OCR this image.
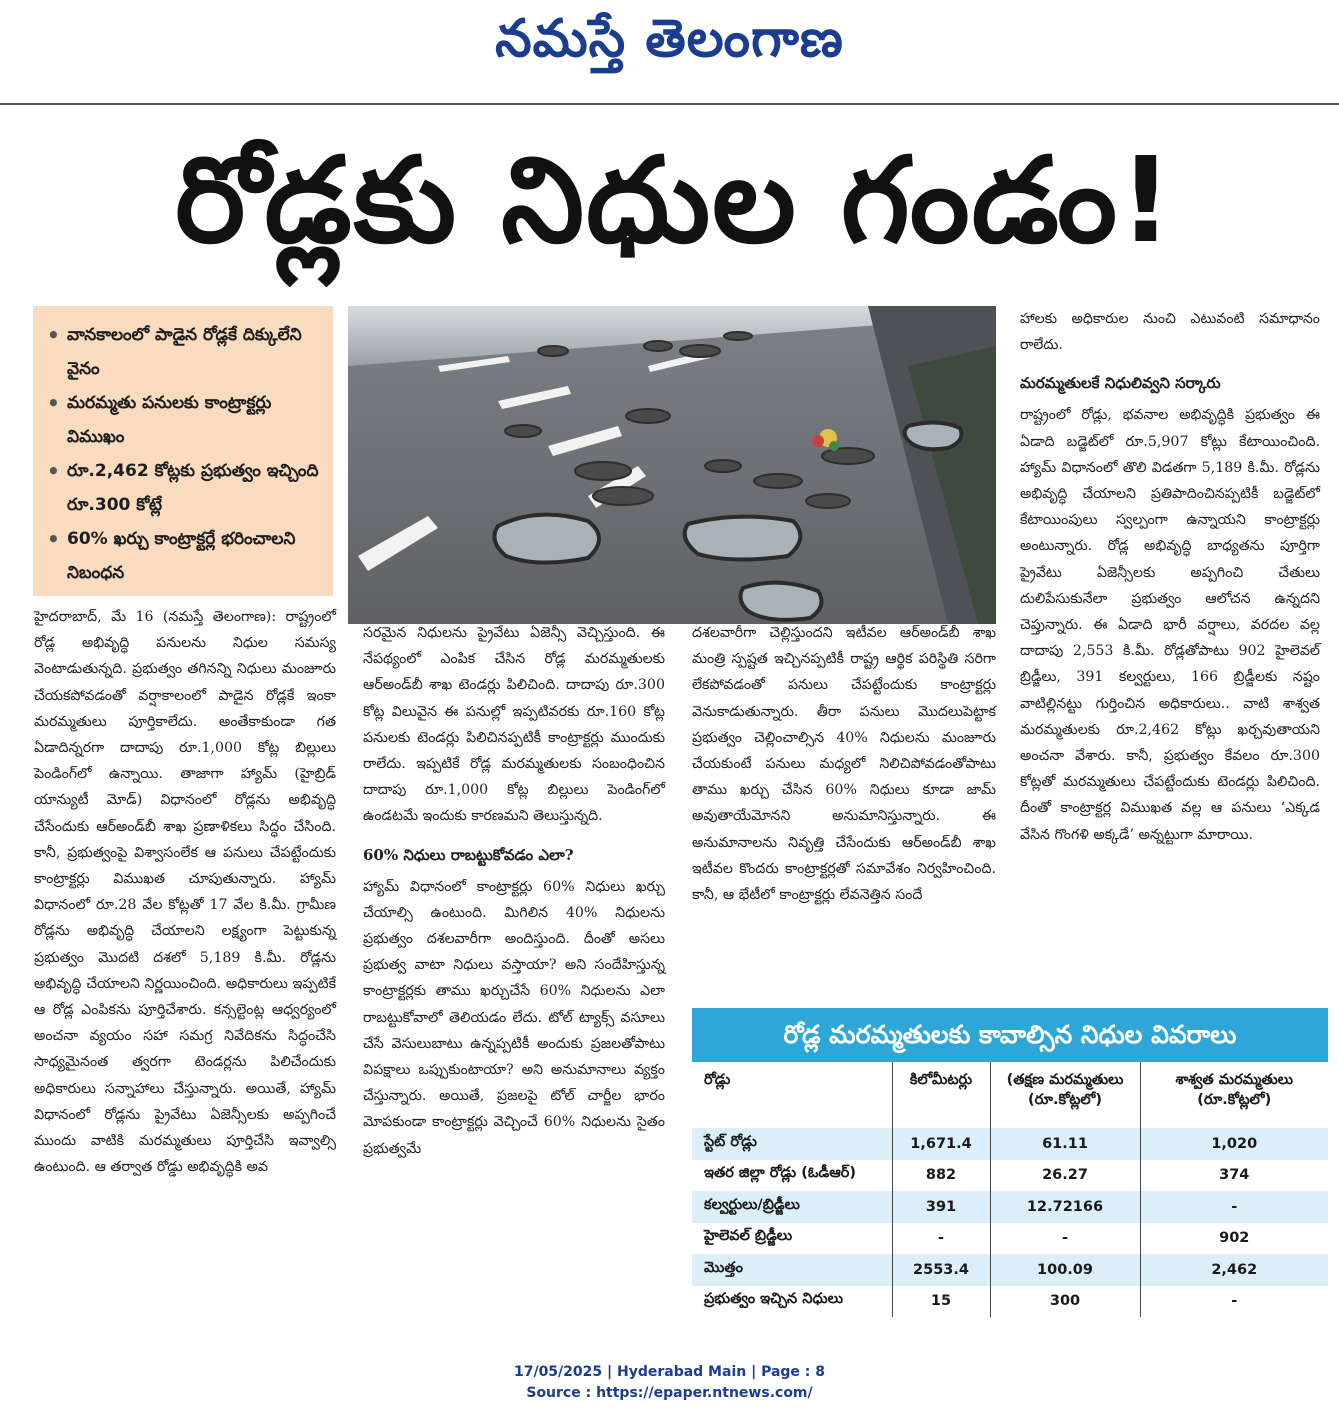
నమస్తే తెలంగాణ
రోడ్లకు నిధుల గండం!
• వానకాలంలో పాడైన రోడ్లకే దిక్కులేని వైనం
• మరమ్మతు పనులకు కాంట్రాక్టర్లు విముఖం
• రూ.2,462 కోట్లకు ప్రభుత్వం ఇచ్చింది రూ.300 కోట్లే
• 60% ఖర్చు కాంట్రాక్టర్లే భరించాలని నిబంధన

హైదరాబాద్, మే 16 (నమస్తే తెలంగాణ): రాష్ట్రంలో రోడ్ల అభివృద్ధి పనులను నిధుల సమస్య వెంటాడుతున్నది. ప్రభుత్వం తగినన్ని నిధులు మంజూరు చేయకపోవడంతో వర్షాకాలంలో పాడైన రోడ్లకే ఇంకా మరమ్మతులు పూర్తికాలేదు. అంతేకాకుండా గత ఏడాదిన్నరగా దాదాపు రూ.1,000 కోట్ల బిల్లులు పెండింగ్‌లో ఉన్నాయి. తాజాగా హ్యామ్ (హైబ్రిడ్ యాన్యుటీ మోడ్) విధానంలో రోడ్లను అభివృద్ధి చేసేందుకు ఆర్‌అండ్‌బీ శాఖ ప్రణాళికలు సిద్ధం చేసింది. కానీ, ప్రభుత్వంపై విశ్వాసంలేక ఆ పనులు చేపట్టేందుకు కాంట్రాక్టర్లు విముఖత చూపుతున్నారు. హ్యామ్ విధానంలో రూ.28 వేల కోట్లతో 17 వేల కి.మీ. గ్రామీణ రోడ్లను అభివృద్ధి చేయాలని లక్ష్యంగా పెట్టుకున్న ప్రభుత్వం మొదటి దశలో 5,189 కి.మీ. రోడ్లను అభివృద్ధి చేయాలని నిర్ణయించింది. అధికారులు ఇప్పటికే ఆ రోడ్ల ఎంపికను పూర్తిచేశారు. కన్సల్టెంట్ల ఆధ్వర్యంలో అంచనా వ్యయం సహా సమగ్ర నివేదికను సిద్ధంచేసి సాధ్యమైనంత త్వరగా టెండర్లను పిలిచేందుకు అధికారులు సన్నాహాలు చేస్తున్నారు. అయితే, హ్యామ్ విధానంలో రోడ్లను ప్రైవేటు ఏజెన్సీలకు అప్పగించే ముందు వాటికి మరమ్మతులు పూర్తిచేసి ఇవ్వాల్సి ఉంటుంది. ఆ తర్వాత రోడ్డు అభివృద్ధికి అవ

సరమైన నిధులను ప్రైవేటు ఏజెన్సీ వెచ్చిస్తుంది. ఈ నేపథ్యంలో ఎంపిక చేసిన రోడ్ల మరమ్మతులకు ఆర్‌అండ్‌బీ శాఖ టెండర్లు పిలిచింది. దాదాపు రూ.300 కోట్ల విలువైన ఈ పనుల్లో ఇప్పటివరకు రూ.160 కోట్ల పనులకు టెండర్లు పిలిచినప్పటికీ కాంట్రాక్టర్లు ముందుకు రాలేదు. ఇప్పటికే రోడ్ల మరమ్మతులకు సంబంధించిన దాదాపు రూ.1,000 కోట్ల బిల్లులు పెండింగ్‌లో ఉండటమే ఇందుకు కారణమని తెలుస్తున్నది.

60% నిధులు రాబట్టుకోవడం ఎలా?

హ్యామ్ విధానంలో కాంట్రాక్టర్లు 60% నిధులు ఖర్చు చేయాల్సి ఉంటుంది. మిగిలిన 40% నిధులను ప్రభుత్వం దశలవారీగా అందిస్తుంది. దీంతో అసలు ప్రభుత్వ వాటా నిధులు వస్తాయా? అని సందేహిస్తున్న కాంట్రాక్టర్లకు తాము ఖర్చుచేసే 60% నిధులను ఎలా రాబట్టుకోవాలో తెలియడం లేదు. టోల్ ట్యాక్స్ వసూలు చేసే వెసులుబాటు ఉన్నప్పటికీ అందుకు ప్రజలతోపాటు విపక్షాలు ఒప్పుకుంటాయా? అని అనుమానాలు వ్యక్తం చేస్తున్నారు. అయితే, ప్రజలపై టోల్ చార్జీల భారం మోపకుండా కాంట్రాక్టర్లు వెచ్చించే 60% నిధులను సైతం ప్రభుత్వమే

దశలవారీగా చెల్లిస్తుందని ఇటీవల ఆర్‌అండ్‌బీ శాఖ మంత్రి స్పష్టత ఇచ్చినప్పటికీ రాష్ట్ర ఆర్థిక పరిస్థితి సరిగా లేకపోవడంతో పనులు చేపట్టేందుకు కాంట్రాక్టర్లు వెనుకాడుతున్నారు. తీరా పనులు మొదలుపెట్టాక ప్రభుత్వం చెల్లించాల్సిన 40% నిధులను మంజూరు చేయకుంటే పనులు మధ్యలో నిలిచిపోవడంతోపాటు తాము ఖర్చు చేసిన 60% నిధులు కూడా జామ్ అవుతాయేమోనని అనుమానిస్తున్నారు. ఈ అనుమానాలను నివృత్తి చేసేందుకు ఆర్‌అండ్‌బీ శాఖ ఇటీవల కొందరు కాంట్రాక్టర్లతో సమావేశం నిర్వహించింది. కానీ, ఆ భేటీలో కాంట్రాక్టర్లు లేవనెత్తిన సందే

హాలకు అధికారుల నుంచి ఎటువంటి సమాధానం రాలేదు.

మరమ్మతులకే నిధులివ్వని సర్కారు

రాష్ట్రంలో రోడ్లు, భవనాల అభివృద్ధికి ప్రభుత్వం ఈ ఏడాది బడ్జెట్‌లో రూ.5,907 కోట్లు కేటాయించింది. హ్యామ్ విధానంలో తొలి విడతగా 5,189 కి.మీ. రోడ్లను అభివృద్ధి చేయాలని ప్రతిపాదించినప్పటికీ బడ్జెట్‌లో కేటాయింపులు స్వల్పంగా ఉన్నాయని కాంట్రాక్టర్లు అంటున్నారు. రోడ్ల అభివృద్ధి బాధ్యతను పూర్తిగా ప్రైవేటు ఏజెన్సీలకు అప్పగించి చేతులు దులిపేసుకునేలా ప్రభుత్వం ఆలోచన ఉన్నదని చెప్తున్నారు. ఈ ఏడాది భారీ వర్షాలు, వరదల వల్ల దాదాపు 2,553 కి.మీ. రోడ్లతోపాటు 902 హైలెవల్ బ్రిడ్జీలు, 391 కల్వర్టులు, 166 బ్రిడ్జీలకు నష్టం వాటిల్లినట్టు గుర్తించిన అధికారులు.. వాటి శాశ్వత మరమ్మతులకు రూ.2,462 కోట్లు ఖర్చవుతాయని అంచనా వేశారు. కానీ, ప్రభుత్వం కేవలం రూ.300 కోట్లతో మరమ్మతులు చేపట్టేందుకు టెండర్లు పిలిచింది. దీంతో కాంట్రాక్టర్ల విముఖత వల్ల ఆ పనులు ‘ఎక్కడ వేసిన గొంగళి అక్కడే’ అన్నట్టుగా మారాయి.

రోడ్ల మరమ్మతులకు కావాల్సిన నిధుల వివరాలు
రోడ్లు	కిలోమీటర్లు	(తక్షణ మరమ్మతులు (రూ.కోట్లలో)	శాశ్వత మరమ్మతులు (రూ.కోట్లలో)
స్టేట్ రోడ్లు	1,671.4	61.11	1,020
ఇతర జిల్లా రోడ్లు (ఓడీఆర్)	882	26.27	374
కల్వర్టులు/బ్రిడ్జీలు	391	12.72166	-
హైలెవల్ బ్రిడ్జీలు	-	-	902
మొత్తం	2553.4	100.09	2,462
ప్రభుత్వం ఇచ్చిన నిధులు	15	300	-
17/05/2025 | Hyderabad Main | Page : 8
Source : https://epaper.ntnews.com/
